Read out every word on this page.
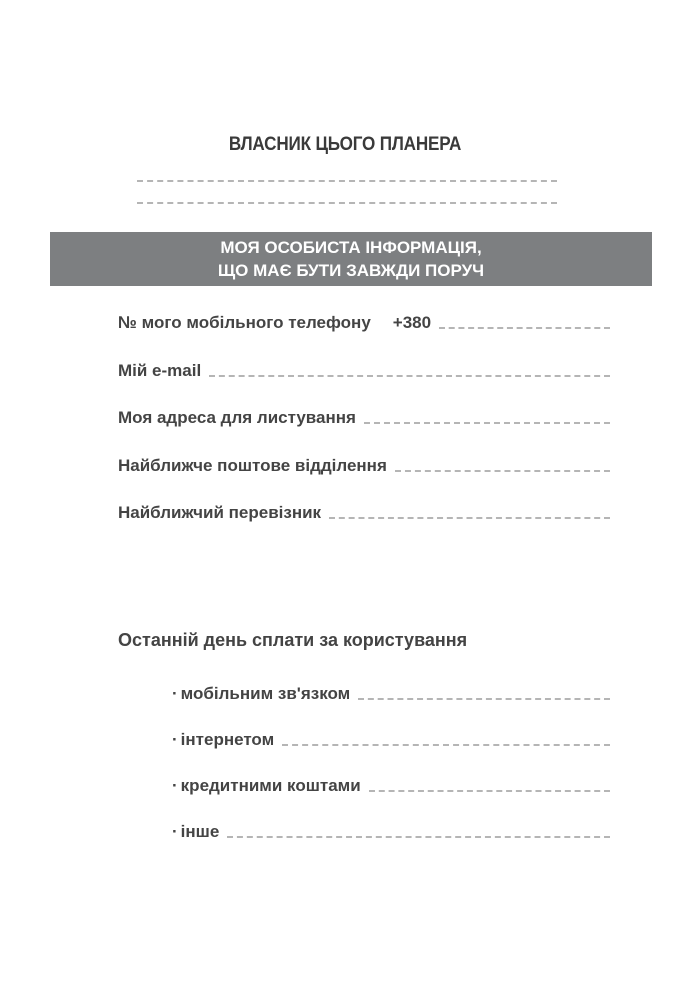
ВЛАСНИК ЦЬОГО ПЛАНЕРА
МОЯ ОСОБИСТА ІНФОРМАЦІЯ,
ЩО МАЄ БУТИ ЗАВЖДИ ПОРУЧ
№ мого мобільного телефону +380
Мій e-mail
Моя адреса для листування
Найближче поштове відділення
Найближчий перевізник
Останній день сплати за користування
· мобільним зв'язком
· інтернетом
· кредитними коштами
· інше
